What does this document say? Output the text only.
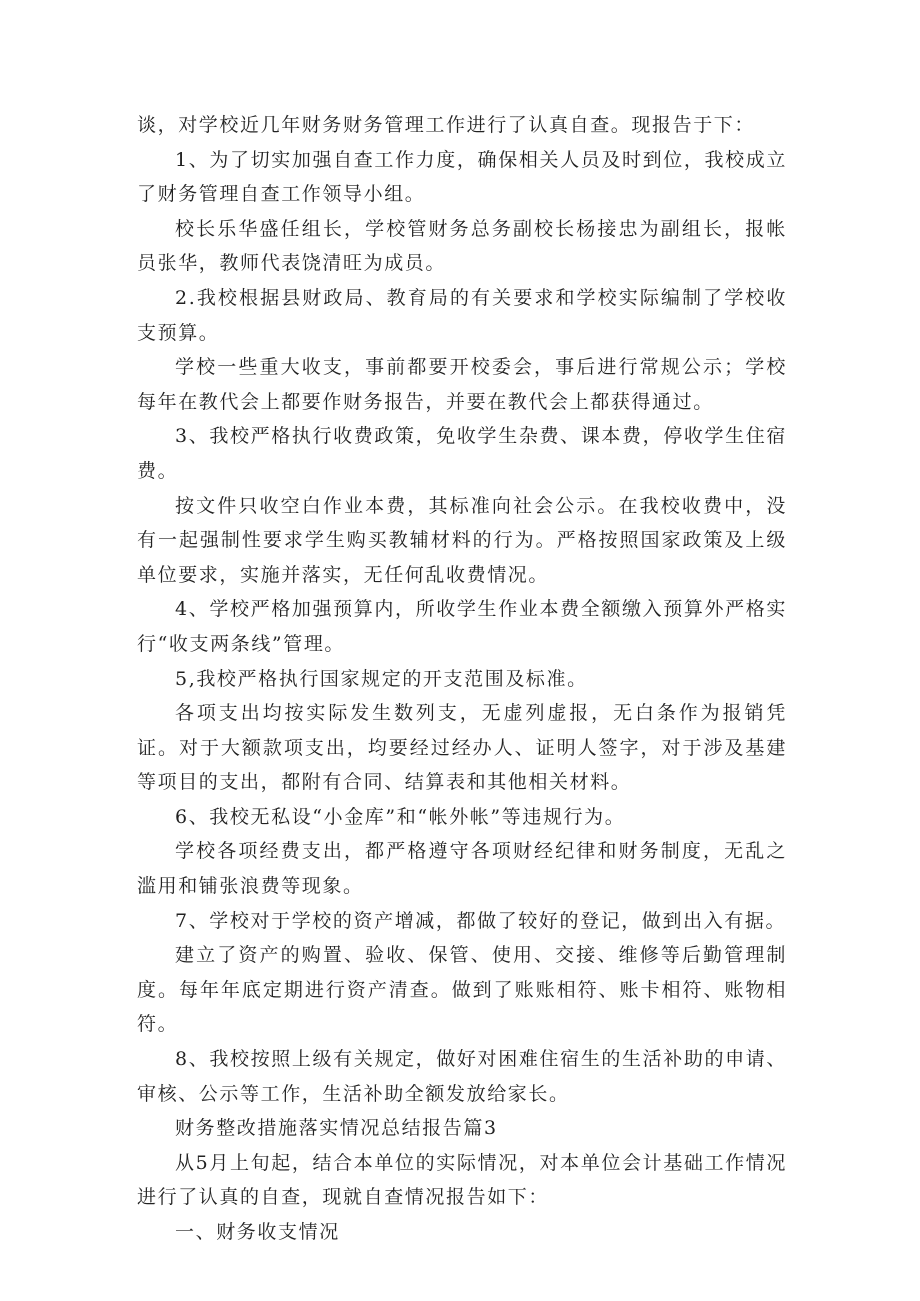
谈，对学校近几年财务财务管理工作进行了认真自查。现报告于下：

1、为了切实加强自查工作力度，确保相关人员及时到位，我校成立了财务管理自查工作领导小组。

校长乐华盛任组长，学校管财务总务副校长杨接忠为副组长，报帐员张华，教师代表饶清旺为成员。

2.我校根据县财政局、教育局的有关要求和学校实际编制了学校收支预算。

学校一些重大收支，事前都要开校委会，事后进行常规公示；学校每年在教代会上都要作财务报告，并要在教代会上都获得通过。

3、我校严格执行收费政策，免收学生杂费、课本费，停收学生住宿费。

按文件只收空白作业本费，其标准向社会公示。在我校收费中，没有一起强制性要求学生购买教辅材料的行为。严格按照国家政策及上级单位要求，实施并落实，无任何乱收费情况。

4、学校严格加强预算内，所收学生作业本费全额缴入预算外严格实行“收支两条线”管理。

5,我校严格执行国家规定的开支范围及标准。

各项支出均按实际发生数列支，无虚列虚报，无白条作为报销凭证。对于大额款项支出，均要经过经办人、证明人签字，对于涉及基建等项目的支出，都附有合同、结算表和其他相关材料。

6、我校无私设“小金库”和“帐外帐”等违规行为。

学校各项经费支出，都严格遵守各项财经纪律和财务制度，无乱之滥用和铺张浪费等现象。

7、学校对于学校的资产增减，都做了较好的登记，做到出入有据。

建立了资产的购置、验收、保管、使用、交接、维修等后勤管理制度。每年年底定期进行资产清查。做到了账账相符、账卡相符、账物相符。

8、我校按照上级有关规定，做好对困难住宿生的生活补助的申请、审核、公示等工作，生活补助全额发放给家长。

财务整改措施落实情况总结报告篇3

从5月上旬起，结合本单位的实际情况，对本单位会计基础工作情况进行了认真的自查，现就自查情况报告如下：

一、财务收支情况
